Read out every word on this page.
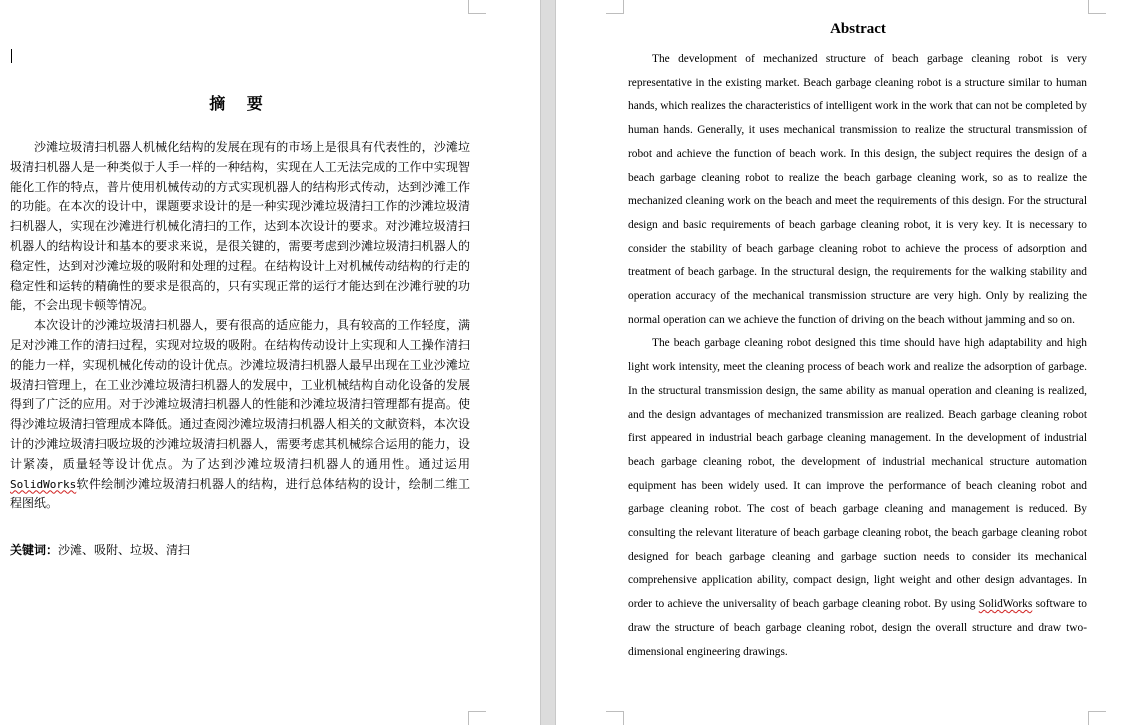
摘 要

沙滩垃圾清扫机器人机械化结构的发展在现有的市场上是很具有代表性的，沙滩垃圾清扫机器人是一种类似于人手一样的一种结构，实现在人工无法完成的工作中实现智能化工作的特点，普片使用机械传动的方式实现机器人的结构形式传动，达到沙滩工作的功能。在本次的设计中，课题要求设计的是一种实现沙滩垃圾清扫工作的沙滩垃圾清扫机器人，实现在沙滩进行机械化清扫的工作，达到本次设计的要求。对沙滩垃圾清扫机器人的结构设计和基本的要求来说，是很关键的，需要考虑到沙滩垃圾清扫机器人的稳定性，达到对沙滩垃圾的吸附和处理的过程。在结构设计上对机械传动结构的行走的稳定性和运转的精确性的要求是很高的，只有实现正常的运行才能达到在沙滩行驶的功能，不会出现卡顿等情况。

本次设计的沙滩垃圾清扫机器人，要有很高的适应能力，具有较高的工作轻度，满足对沙滩工作的清扫过程，实现对垃圾的吸附。在结构传动设计上实现和人工操作清扫的能力一样，实现机械化传动的设计优点。沙滩垃圾清扫机器人最早出现在工业沙滩垃圾清扫管理上，在工业沙滩垃圾清扫机器人的发展中，工业机械结构自动化设备的发展得到了广泛的应用。对于沙滩垃圾清扫机器人的性能和沙滩垃圾清扫管理都有提高。使得沙滩垃圾清扫管理成本降低。通过查阅沙滩垃圾清扫机器人相关的文献资料，本次设计的沙滩垃圾清扫吸垃圾的沙滩垃圾清扫机器人，需要考虑其机械综合运用的能力，设计紧凑，质量轻等设计优点。为了达到沙滩垃圾清扫机器人的通用性。通过运用SolidWorks软件绘制沙滩垃圾清扫机器人的结构，进行总体结构的设计，绘制二维工程图纸。

关键词：沙滩、吸附、垃圾、清扫
Abstract

The development of mechanized structure of beach garbage cleaning robot is very representative in the existing market. Beach garbage cleaning robot is a structure similar to human hands, which realizes the characteristics of intelligent work in the work that can not be completed by human hands. Generally, it uses mechanical transmission to realize the structural transmission of robot and achieve the function of beach work. In this design, the subject requires the design of a beach garbage cleaning robot to realize the beach garbage cleaning work, so as to realize the mechanized cleaning work on the beach and meet the requirements of this design. For the structural design and basic requirements of beach garbage cleaning robot, it is very key. It is necessary to consider the stability of beach garbage cleaning robot to achieve the process of adsorption and treatment of beach garbage. In the structural design, the requirements for the walking stability and operation accuracy of the mechanical transmission structure are very high. Only by realizing the normal operation can we achieve the function of driving on the beach without jamming and so on.

The beach garbage cleaning robot designed this time should have high adaptability and high light work intensity, meet the cleaning process of beach work and realize the adsorption of garbage. In the structural transmission design, the same ability as manual operation and cleaning is realized, and the design advantages of mechanized transmission are realized. Beach garbage cleaning robot first appeared in industrial beach garbage cleaning management. In the development of industrial beach garbage cleaning robot, the development of industrial mechanical structure automation equipment has been widely used. It can improve the performance of beach cleaning robot and garbage cleaning robot. The cost of beach garbage cleaning and management is reduced. By consulting the relevant literature of beach garbage cleaning robot, the beach garbage cleaning robot designed for beach garbage cleaning and garbage suction needs to consider its mechanical comprehensive application ability, compact design, light weight and other design advantages. In order to achieve the universality of beach garbage cleaning robot. By using SolidWorks software to draw the structure of beach garbage cleaning robot, design the overall structure and draw two-dimensional engineering drawings.
